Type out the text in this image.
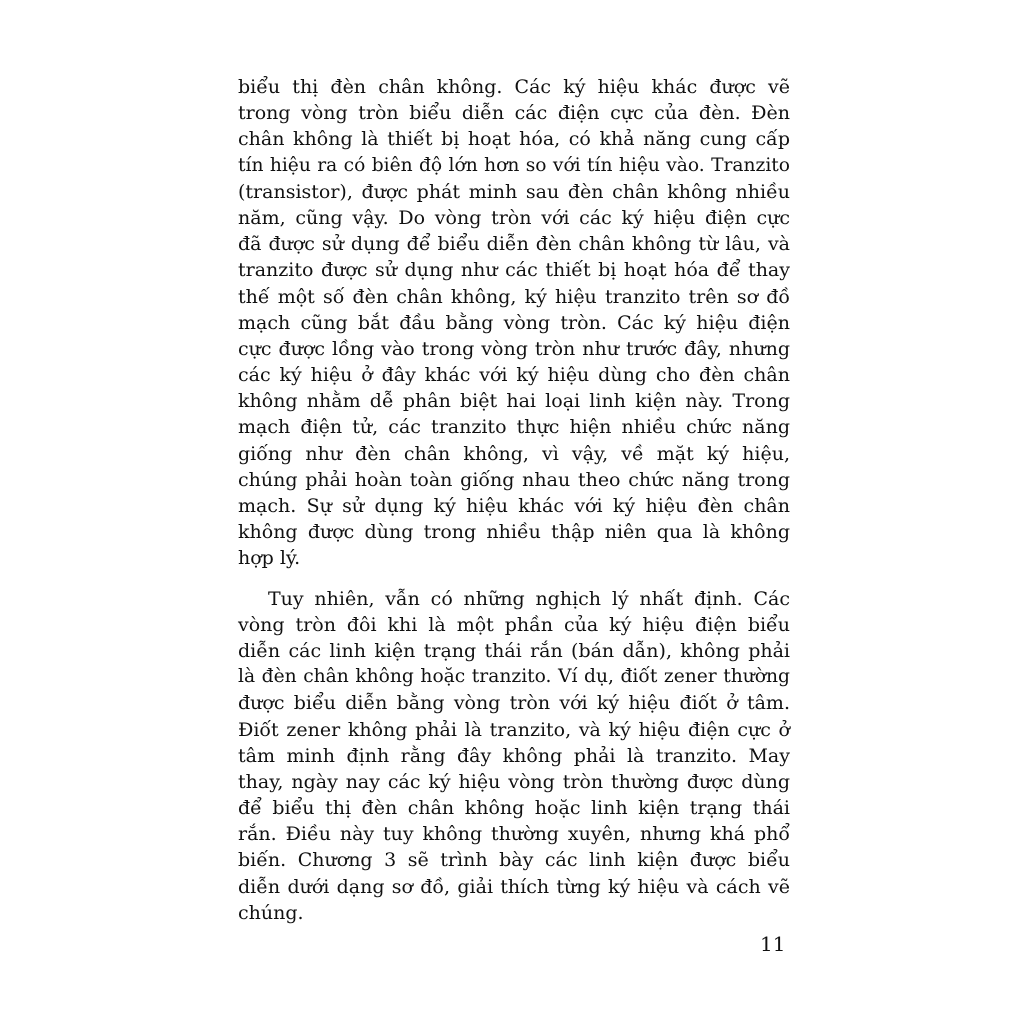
biểu thị đèn chân không. Các ký hiệu khác được vẽ
trong vòng tròn biểu diễn các điện cực của đèn. Đèn
chân không là thiết bị hoạt hóa, có khả năng cung cấp
tín hiệu ra có biên độ lớn hơn so với tín hiệu vào. Tranzito
(transistor), được phát minh sau đèn chân không nhiều
năm, cũng vậy. Do vòng tròn với các ký hiệu điện cực
đã được sử dụng để biểu diễn đèn chân không từ lâu, và
tranzito được sử dụng như các thiết bị hoạt hóa để thay
thế một số đèn chân không, ký hiệu tranzito trên sơ đồ
mạch cũng bắt đầu bằng vòng tròn. Các ký hiệu điện
cực được lồng vào trong vòng tròn như trước đây, nhưng
các ký hiệu ở đây khác với ký hiệu dùng cho đèn chân
không nhằm dễ phân biệt hai loại linh kiện này. Trong
mạch điện tử, các tranzito thực hiện nhiều chức năng
giống như đèn chân không, vì vậy, về mặt ký hiệu,
chúng phải hoàn toàn giống nhau theo chức năng trong
mạch. Sự sử dụng ký hiệu khác với ký hiệu đèn chân
không được dùng trong nhiều thập niên qua là không
hợp lý.
Tuy nhiên, vẫn có những nghịch lý nhất định. Các
vòng tròn đôi khi là một phần của ký hiệu điện biểu
diễn các linh kiện trạng thái rắn (bán dẫn), không phải
là đèn chân không hoặc tranzito. Ví dụ, điốt zener thường
được biểu diễn bằng vòng tròn với ký hiệu điốt ở tâm.
Điốt zener không phải là tranzito, và ký hiệu điện cực ở
tâm minh định rằng đây không phải là tranzito. May
thay, ngày nay các ký hiệu vòng tròn thường được dùng
để biểu thị đèn chân không hoặc linh kiện trạng thái
rắn. Điều này tuy không thường xuyên, nhưng khá phổ
biến. Chương 3 sẽ trình bày các linh kiện được biểu
diễn dưới dạng sơ đồ, giải thích từng ký hiệu và cách vẽ
chúng.
11
